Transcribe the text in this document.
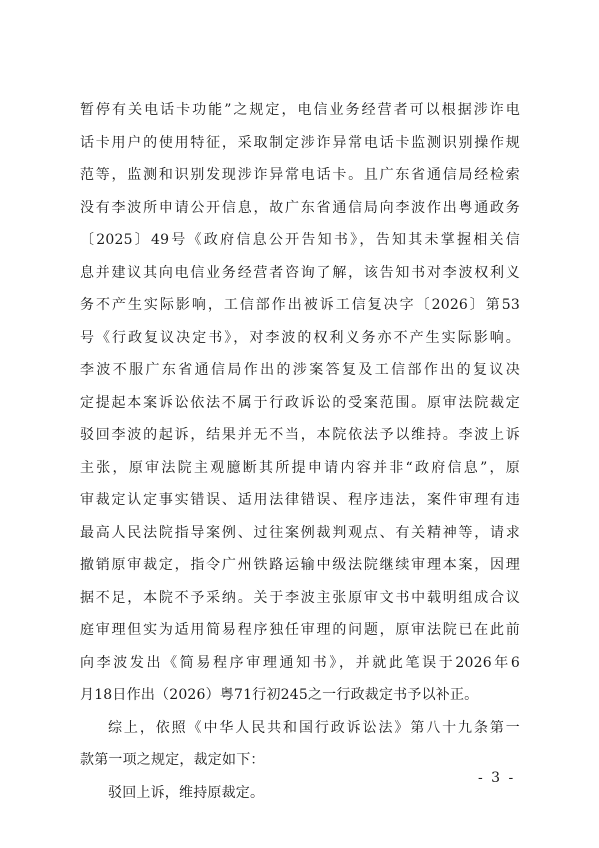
暂停有关电话卡功能”之规定，电信业务经营者可以根据涉诈电
话卡用户的使用特征，采取制定涉诈异常电话卡监测识别操作规
范等，监测和识别发现涉诈异常电话卡。且广东省通信局经检索
没有李波所申请公开信息，故广东省通信局向李波作出粤通政务
〔2025〕49号《政府信息公开告知书》，告知其未掌握相关信
息并建议其向电信业务经营者咨询了解，该告知书对李波权利义
务不产生实际影响，工信部作出被诉工信复决字〔2026〕第53
号《行政复议决定书》，对李波的权利义务亦不产生实际影响。
李波不服广东省通信局作出的涉案答复及工信部作出的复议决
定提起本案诉讼依法不属于行政诉讼的受案范围。原审法院裁定
驳回李波的起诉，结果并无不当，本院依法予以维持。李波上诉
主张，原审法院主观臆断其所提申请内容并非“政府信息”，原
审裁定认定事实错误、适用法律错误、程序违法，案件审理有违
最高人民法院指导案例、过往案例裁判观点、有关精神等，请求
撤销原审裁定，指令广州铁路运输中级法院继续审理本案，因理
据不足，本院不予采纳。关于李波主张原审文书中载明组成合议
庭审理但实为适用简易程序独任审理的问题，原审法院已在此前
向李波发出《简易程序审理通知书》，并就此笔误于2026年6
月18日作出（2026）粤71行初245之一行政裁定书予以补正。
综上，依照《中华人民共和国行政诉讼法》第八十九条第一
款第一项之规定，裁定如下：
驳回上诉，维持原裁定。
- 3 -
